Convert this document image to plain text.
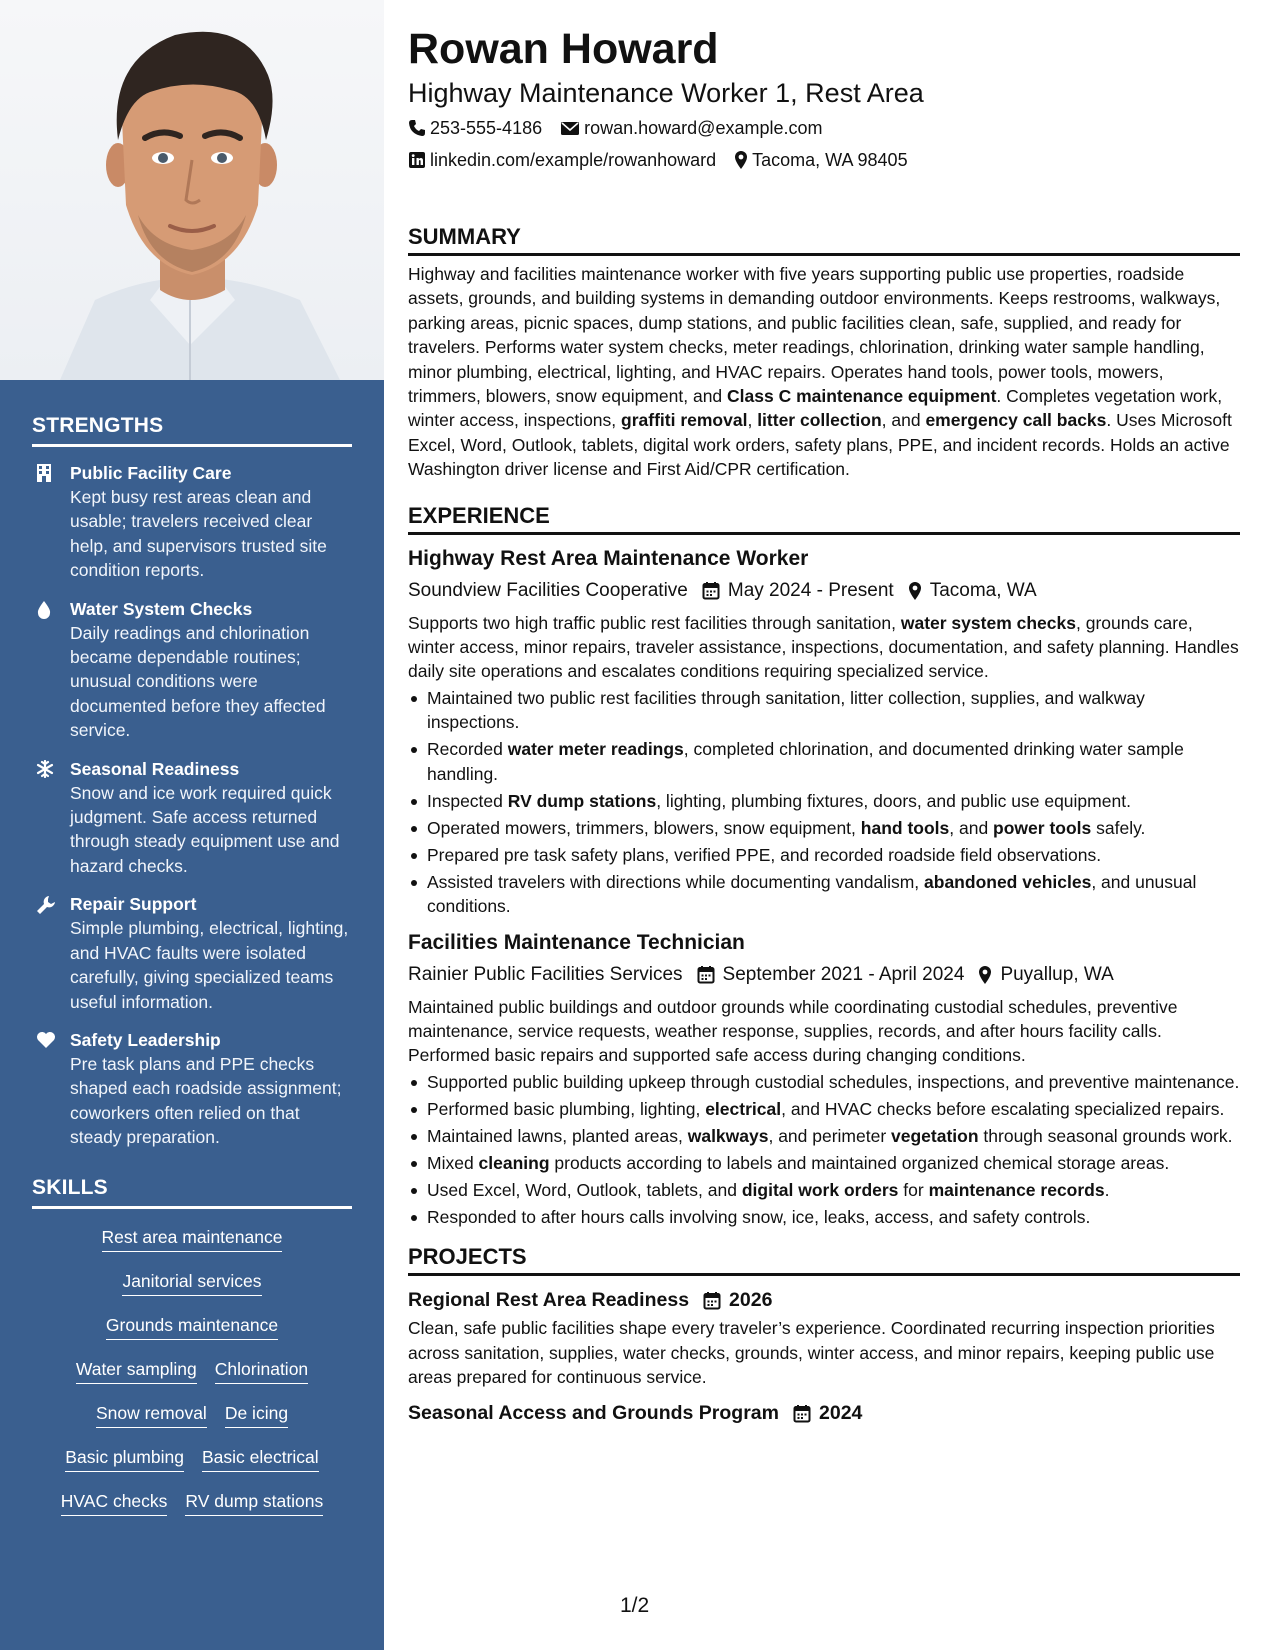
STRENGTHS
Public Facility Care
Kept busy rest areas clean and usable; travelers received clear help, and supervisors trusted site condition reports.
Water System Checks
Daily readings and chlorination became dependable routines; unusual conditions were documented before they affected service.
Seasonal Readiness
Snow and ice work required quick judgment. Safe access returned through steady equipment use and hazard checks.
Repair Support
Simple plumbing, electrical, lighting, and HVAC faults were isolated carefully, giving specialized teams useful information.
Safety Leadership
Pre task plans and PPE checks shaped each roadside assignment; coworkers often relied on that steady preparation.
SKILLS
Rest area maintenance
Janitorial services
Grounds maintenance
Water sampling Chlorination
Snow removal De icing
Basic plumbing Basic electrical
HVAC checks RV dump stations
Rowan Howard
Highway Maintenance Worker 1, Rest Area
253-555-4186 rowan.howard@example.com
linkedin.com/example/rowanhoward Tacoma, WA 98405
SUMMARY

Highway and facilities maintenance worker with five years supporting public use properties, roadside assets, grounds, and building systems in demanding outdoor environments. Keeps restrooms, walkways, parking areas, picnic spaces, dump stations, and public facilities clean, safe, supplied, and ready for travelers. Performs water system checks, meter readings, chlorination, drinking water sample handling, minor plumbing, electrical, lighting, and HVAC repairs. Operates hand tools, power tools, mowers, trimmers, blowers, snow equipment, and Class C maintenance equipment. Completes vegetation work, winter access, inspections, graffiti removal, litter collection, and emergency call backs. Uses Microsoft Excel, Word, Outlook, tablets, digital work orders, safety plans, PPE, and incident records. Holds an active Washington driver license and First Aid/CPR certification.

EXPERIENCE
Highway Rest Area Maintenance Worker
Soundview Facilities Cooperative May 2024 - Present Tacoma, WA

Supports two high traffic public rest facilities through sanitation, water system checks, grounds care, winter access, minor repairs, traveler assistance, inspections, documentation, and safety planning. Handles daily site operations and escalates conditions requiring specialized service.

Maintained two public rest facilities through sanitation, litter collection, supplies, and walkway inspections.
Recorded water meter readings, completed chlorination, and documented drinking water sample handling.
Inspected RV dump stations, lighting, plumbing fixtures, doors, and public use equipment.
Operated mowers, trimmers, blowers, snow equipment, hand tools, and power tools safely.
Prepared pre task safety plans, verified PPE, and recorded roadside field observations.
Assisted travelers with directions while documenting vandalism, abandoned vehicles, and unusual conditions.
Facilities Maintenance Technician
Rainier Public Facilities Services September 2021 - April 2024 Puyallup, WA

Maintained public buildings and outdoor grounds while coordinating custodial schedules, preventive maintenance, service requests, weather response, supplies, records, and after hours facility calls. Performed basic repairs and supported safe access during changing conditions.

Supported public building upkeep through custodial schedules, inspections, and preventive maintenance.
Performed basic plumbing, lighting, electrical, and HVAC checks before escalating specialized repairs.
Maintained lawns, planted areas, walkways, and perimeter vegetation through seasonal grounds work.
Mixed cleaning products according to labels and maintained organized chemical storage areas.
Used Excel, Word, Outlook, tablets, and digital work orders for maintenance records.
Responded to after hours calls involving snow, ice, leaks, access, and safety controls.
PROJECTS
Regional Rest Area Readiness 2026

Clean, safe public facilities shape every traveler’s experience. Coordinated recurring inspection priorities across sanitation, supplies, water checks, grounds, winter access, and minor repairs, keeping public use areas prepared for continuous service.

Seasonal Access and Grounds Program 2024
1/2
